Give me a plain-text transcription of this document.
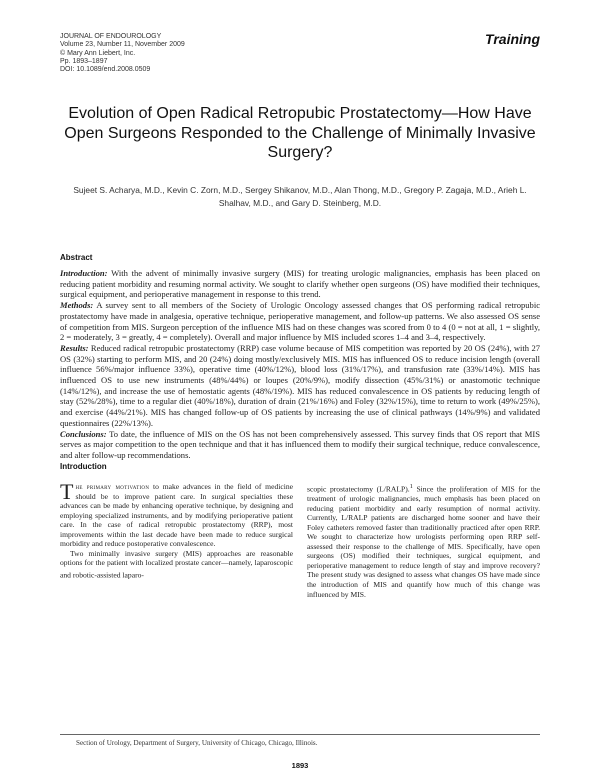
JOURNAL OF ENDOUROLOGY
Volume 23, Number 11, November 2009
© Mary Ann Liebert, Inc.
Pp. 1893–1897
DOI: 10.1089/end.2008.0509
Training
Evolution of Open Radical Retropubic Prostatectomy—How Have Open Surgeons Responded to the Challenge of Minimally Invasive Surgery?
Sujeet S. Acharya, M.D., Kevin C. Zorn, M.D., Sergey Shikanov, M.D., Alan Thong, M.D., Gregory P. Zagaja, M.D., Arieh L. Shalhav, M.D., and Gary D. Steinberg, M.D.
Abstract

Introduction: With the advent of minimally invasive surgery (MIS) for treating urologic malignancies, emphasis has been placed on reducing patient morbidity and resuming normal activity. We sought to clarify whether open surgeons (OS) have modified their techniques, surgical equipment, and perioperative management in response to this trend.

Methods: A survey sent to all members of the Society of Urologic Oncology assessed changes that OS performing radical retropubic prostatectomy have made in analgesia, operative technique, perioperative management, and follow-up patterns. We also assessed OS sense of competition from MIS. Surgeon perception of the influence MIS had on these changes was scored from 0 to 4 (0 = not at all, 1 = slightly, 2 = moderately, 3 = greatly, 4 = completely). Overall and major influence by MIS included scores 1–4 and 3–4, respectively.

Results: Reduced radical retropubic prostatectomy (RRP) case volume because of MIS competition was reported by 20 OS (24%), with 27 OS (32%) starting to perform MIS, and 20 (24%) doing mostly/exclusively MIS. MIS has influenced OS to reduce incision length (overall influence 56%/major influence 33%), operative time (40%/12%), blood loss (31%/17%), and transfusion rate (33%/14%). MIS has influenced OS to use new instruments (48%/44%) or loupes (20%/9%), modify dissection (45%/31%) or anastomotic technique (14%/12%), and increase the use of hemostatic agents (48%/19%). MIS has reduced convalescence in OS patients by reducing length of stay (52%/28%), time to a regular diet (40%/18%), duration of drain (21%/16%) and Foley (32%/15%), time to return to work (49%/25%), and exercise (44%/21%). MIS has changed follow-up of OS patients by increasing the use of clinical pathways (14%/9%) and validated questionnaires (22%/13%).

Conclusions: To date, the influence of MIS on the OS has not been comprehensively assessed. This survey finds that OS report that MIS serves as major competition to the open technique and that it has influenced them to modify their surgical technique, reduce convalescence, and alter follow-up recommendations.

Introduction

The primary motivation to make advances in the field of medicine should be to improve patient care. In surgical specialties these advances can be made by enhancing operative technique, by designing and employing specialized instruments, and by modifying perioperative patient care. In the case of radical retropubic prostatectomy (RRP), most improvements within the last decade have been made to reduce surgical morbidity and reduce postoperative convalescence.

Two minimally invasive surgery (MIS) approaches are reasonable options for the patient with localized prostate cancer—namely, laparoscopic and robotic-assisted laparo-

scopic prostatectomy (L/RALP).$^1$ Since the proliferation of MIS for the treatment of urologic malignancies, much emphasis has been placed on reducing patient morbidity and early resumption of normal activity. Currently, L/RALP patients are discharged home sooner and have their Foley catheters removed faster than traditionally practiced after open RRP. We sought to characterize how urologists performing open RRP self-assessed their response to the challenge of MIS. Specifically, have open surgeons (OS) modified their techniques, surgical equipment, and perioperative management to reduce length of stay and improve recovery? The present study was designed to assess what changes OS have made since the introduction of MIS and quantify how much of this change was influenced by MIS.

Section of Urology, Department of Surgery, University of Chicago, Chicago, Illinois.
1893
